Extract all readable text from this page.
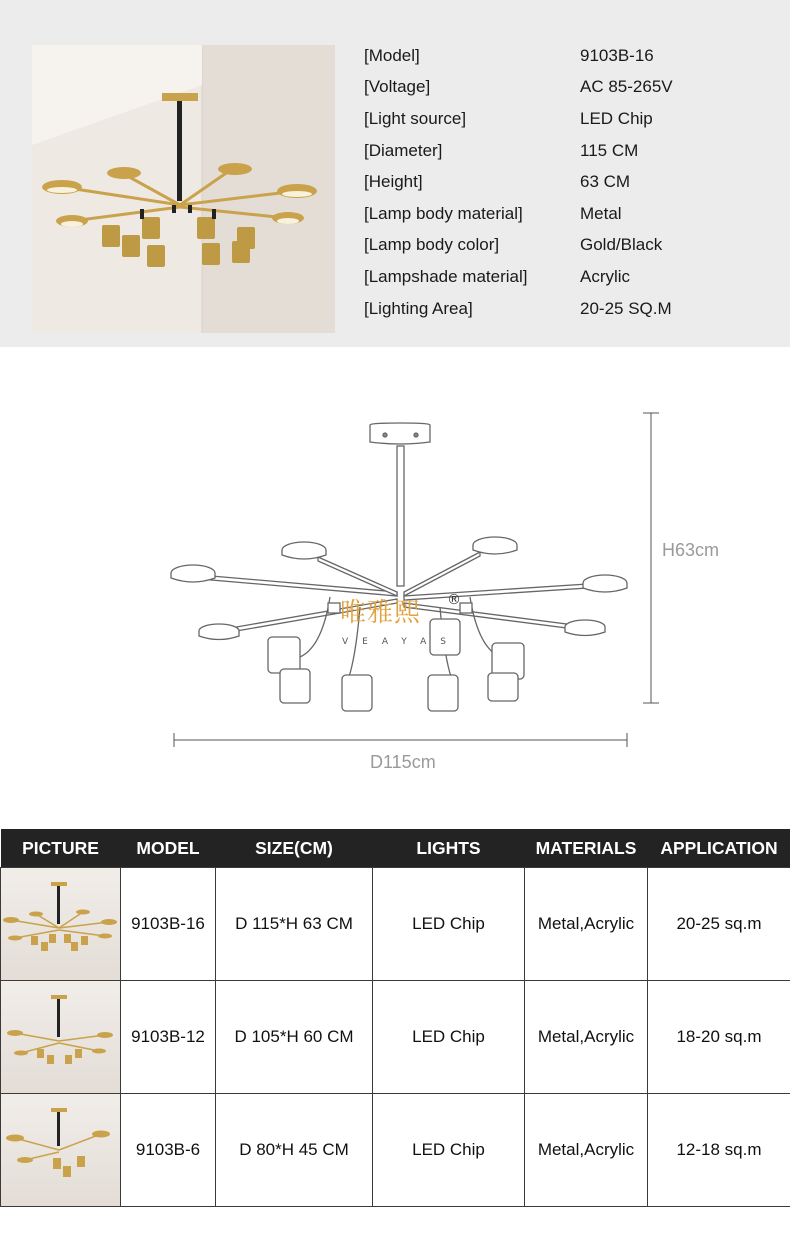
[Model]	9103B-16
[Voltage]	AC 85-265V
[Light source]	LED Chip
[Diameter]	115 CM
[Height]	63 CM
[Lamp body material]	Metal
[Lamp body color]	Gold/Black
[Lampshade material]	Acrylic
[Lighting Area]	20-25 SQ.M
H63cm
D115cm
唯雅熙 ®
VEAYAS
PICTURE	MODEL	SIZE(CM)	LIGHTS	MATERIALS	APPLICATION

	9103B-16	D 115*H 63 CM	LED Chip	Metal,Acrylic	20-25 sq.m

	9103B-12	D 105*H 60 CM	LED Chip	Metal,Acrylic	18-20 sq.m

	9103B-6	D 80*H 45 CM	LED Chip	Metal,Acrylic	12-18 sq.m
